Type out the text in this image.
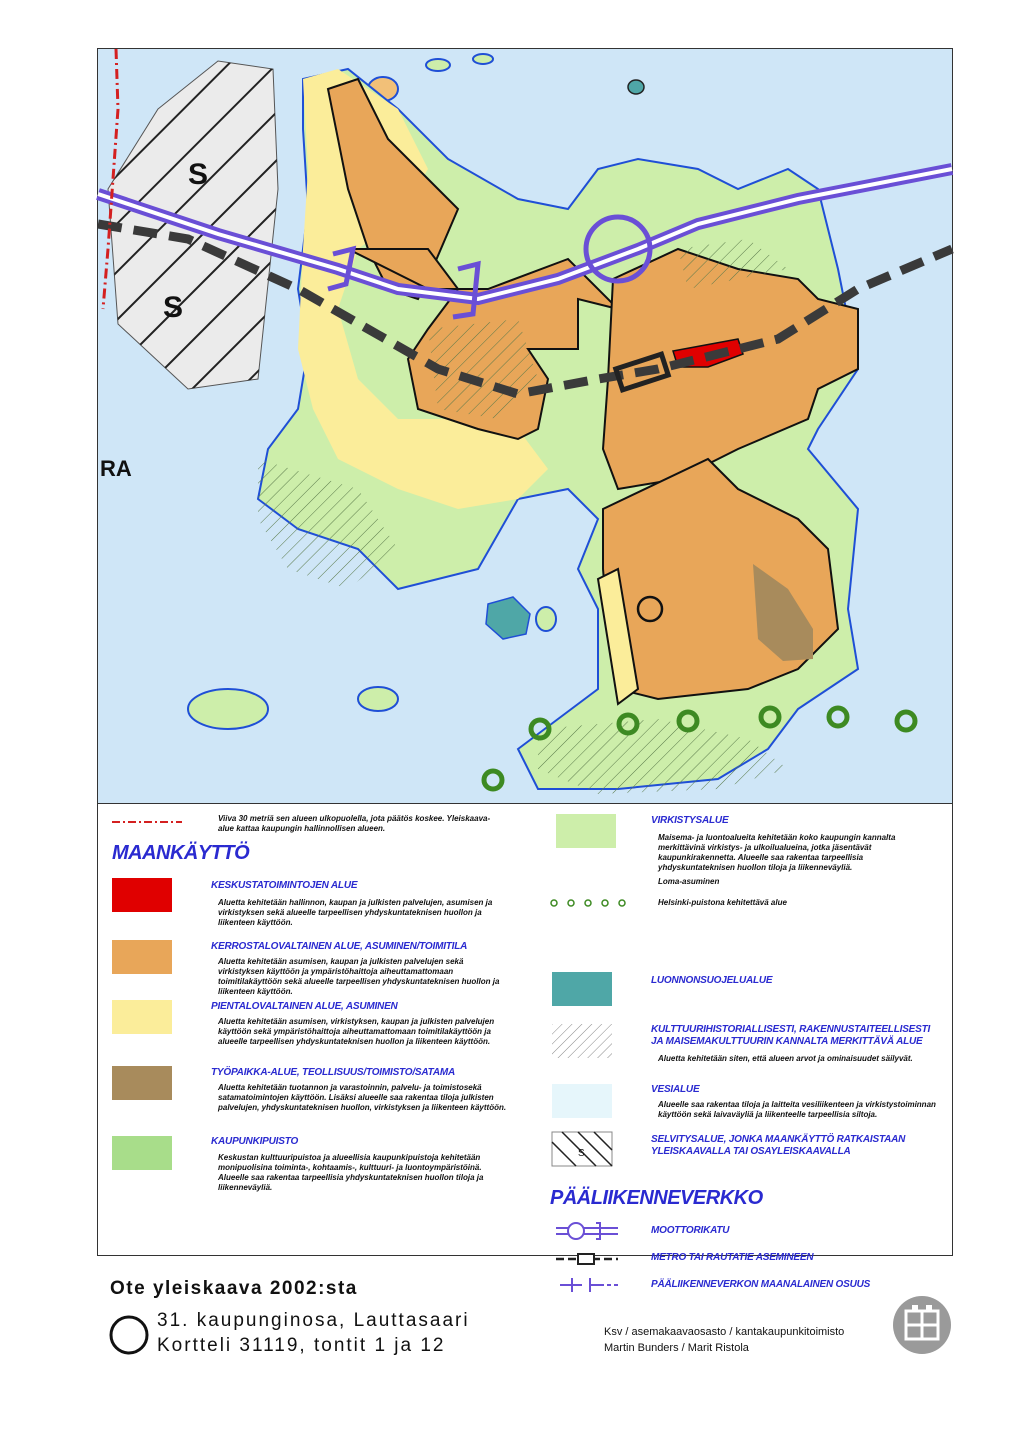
S
S
RA
Viiva 30 metriä sen alueen ulkopuolella, jota päätös koskee. Yleiskaava-alue kattaa kaupungin hallinnollisen alueen.
MAANKÄYTTÖ
KESKUSTATOIMINTOJEN ALUE
Aluetta kehitetään hallinnon, kaupan ja julkisten palvelujen, asumisen ja virkistyksen sekä alueelle tarpeellisen yhdyskuntateknisen huollon ja liikenteen käyttöön.
KERROSTALOVALTAINEN ALUE, ASUMINEN/TOIMITILA
Aluetta kehitetään asumisen, kaupan ja julkisten palvelujen sekä virkistyksen käyttöön ja ympäristöhaittoja aiheuttamattomaan toimitilakäyttöön sekä alueelle tarpeellisen yhdyskuntateknisen huollon ja liikenteen käyttöön.
PIENTALOVALTAINEN ALUE, ASUMINEN
Aluetta kehitetään asumisen, virkistyksen, kaupan ja julkisten palvelujen käyttöön sekä ympäristöhaittoja aiheuttamattomaan toimitilakäyttöön ja alueelle tarpeellisen yhdyskuntateknisen huollon ja liikenteen käyttöön.
TYÖPAIKKA-ALUE, TEOLLISUUS/TOIMISTO/SATAMA
Aluetta kehitetään tuotannon ja varastoinnin, palvelu- ja toimistosekä satamatoimintojen käyttöön. Lisäksi alueelle saa rakentaa tiloja julkisten palvelujen, yhdyskuntateknisen huollon, virkistyksen ja liikenteen käyttöön.
KAUPUNKIPUISTO
Keskustan kulttuuripuistoa ja alueellisia kaupunkipuistoja kehitetään monipuolisina toiminta-, kohtaamis-, kulttuuri- ja luontoympäristöinä. Alueelle saa rakentaa tarpeellisia yhdyskuntateknisen huollon tiloja ja liikenneväyliä.
VIRKISTYSALUE
Maisema- ja luontoalueita kehitetään koko kaupungin kannalta merkittävinä virkistys- ja ulkoilualueina, jotka jäsentävät kaupunkirakennetta. Alueelle saa rakentaa tarpeellisia yhdyskuntateknisen huollon tiloja ja liikenneväyliä.
Loma-asuminen
Helsinki-puistona kehitettävä alue
LUONNONSUOJELUALUE
KULTTUURIHISTORIALLISESTI, RAKENNUSTAITEELLISESTI JA MAISEMAKULTTUURIN KANNALTA MERKITTÄVÄ ALUE
Aluetta kehitetään siten, että alueen arvot ja ominaisuudet säilyvät.
VESIALUE
Alueelle saa rakentaa tiloja ja laitteita vesiliikenteen ja virkistystoiminnan käyttöön sekä laivaväyliä ja liikenteelle tarpeellisia siltoja.
S
SELVITYSALUE, JONKA MAANKÄYTTÖ RATKAISTAAN YLEISKAAVALLA TAI OSAYLEISKAAVALLA
PÄÄLIIKENNEVERKKO
MOOTTORIKATU
METRO TAI RAUTATIE ASEMINEEN
PÄÄLIIKENNEVERKON MAANALAINEN OSUUS
Ote yleiskaava 2002:sta
31. kaupunginosa, Lauttasaari
Kortteli 31119, tontit 1 ja 12
Ksv / asemakaavaosasto / kantakaupunkitoimisto
Martin Bunders / Marit Ristola
